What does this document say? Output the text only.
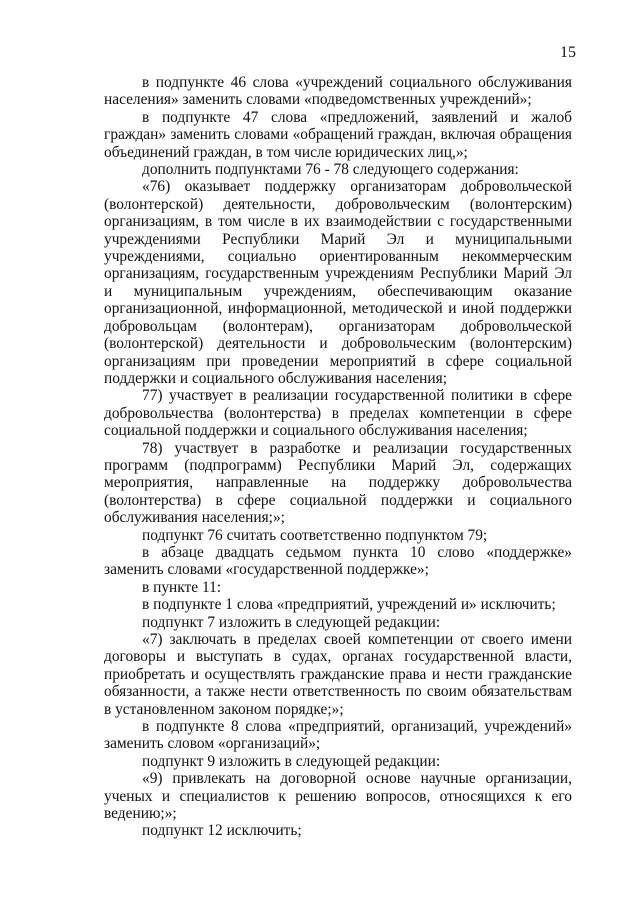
15

в подпункте 46 слова «учреждений социального обслуживания населения» заменить словами «подведомственных учреждений»;

в подпункте 47 слова «предложений, заявлений и жалоб граждан» заменить словами «обращений граждан, включая обращения объединений граждан, в том числе юридических лиц,»;

дополнить подпунктами 76 - 78 следующего содержания:

«76) оказывает поддержку организаторам добровольческой (волонтерской) деятельности, добровольческим (волонтерским) организациям, в том числе в их взаимодействии с государственными учреждениями Республики Марий Эл и муниципальными учреждениями, социально ориентированным некоммерческим организациям, государственным учреждениям Республики Марий Эл и муниципальным учреждениям, обеспечивающим оказание организационной, информационной, методической и иной поддержки добровольцам (волонтерам), организаторам добровольческой (волонтерской) деятельности и добровольческим (волонтерским) организациям при проведении мероприятий в сфере социальной поддержки и социального обслуживания населения;

77) участвует в реализации государственной политики в сфере добровольчества (волонтерства) в пределах компетенции в сфере социальной поддержки и социального обслуживания населения;

78) участвует в разработке и реализации государственных программ (подпрограмм) Республики Марий Эл, содержащих мероприятия, направленные на поддержку добровольчества (волонтерства) в сфере социальной поддержки и социального обслуживания населения;»;

подпункт 76 считать соответственно подпунктом 79;

в абзаце двадцать седьмом пункта 10 слово «поддержке» заменить словами «государственной поддержке»;

в пункте 11:

в подпункте 1 слова «предприятий, учреждений и» исключить;

подпункт 7 изложить в следующей редакции:

«7) заключать в пределах своей компетенции от своего имени договоры и выступать в судах, органах государственной власти, приобретать и осуществлять гражданские права и нести гражданские обязанности, а также нести ответственность по своим обязательствам в установленном законом порядке;»;

в подпункте 8 слова «предприятий, организаций, учреждений» заменить словом «организаций»;

подпункт 9 изложить в следующей редакции:

«9) привлекать на договорной основе научные организации, ученых и специалистов к решению вопросов, относящихся к его ведению;»;

подпункт 12 исключить;
